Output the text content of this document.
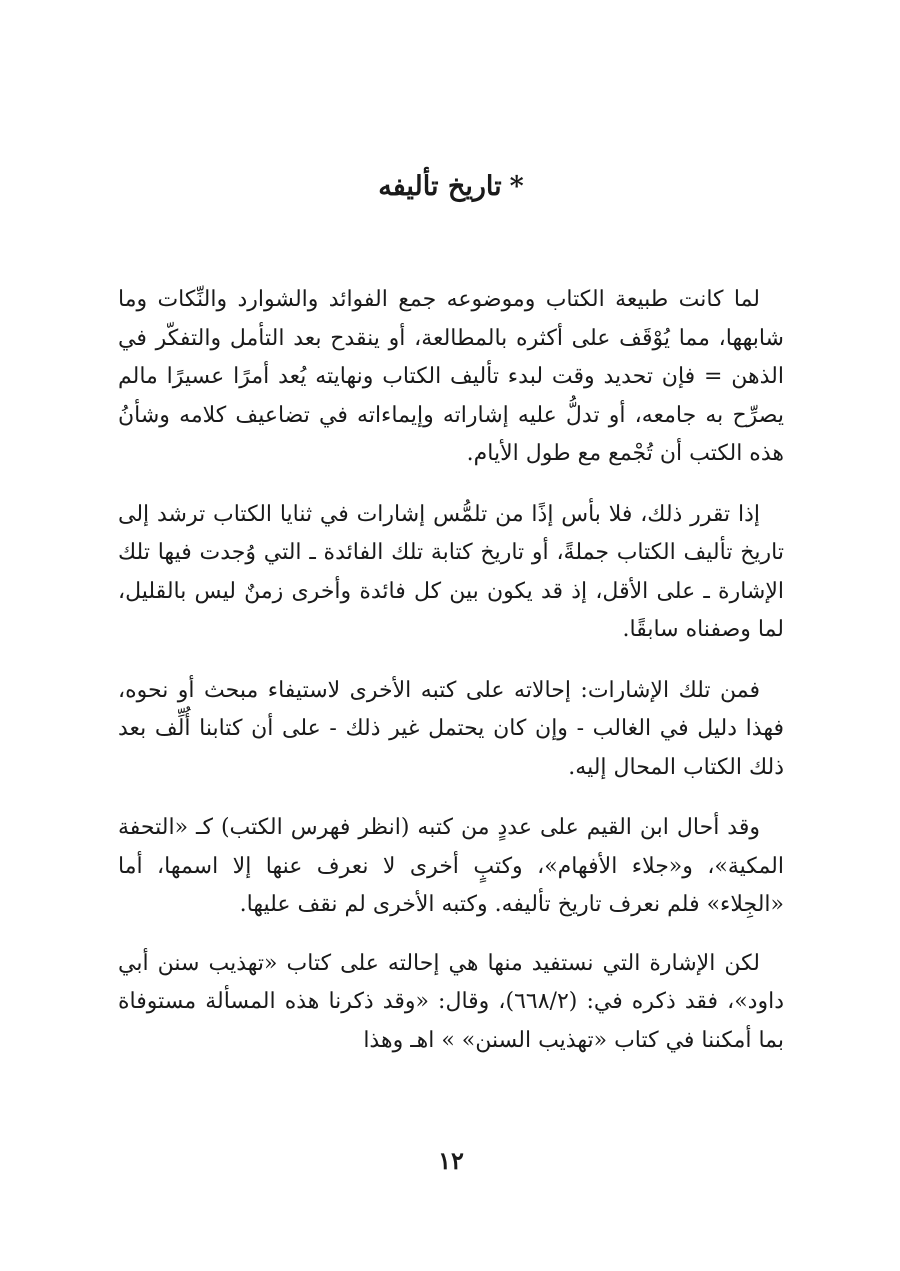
*تاريخ تأليفه

لما كانت طبيعة الكتاب وموضوعه جمع الفوائد والشوارد والنِّكات وما شابهها، مما يُوْقَف على أكثره بالمطالعة، أو ينقدح بعد التأمل والتفكّر في الذهن = فإن تحديد وقت لبدء تأليف الكتاب ونهايته يُعد أمرًا عسيرًا مالم يصرِّح به جامعه، أو تدلُّ عليه إشاراته وإيماءاته في تضاعيف كلامه وشأنُ هذه الكتب أن تُجْمع مع طول الأيام.

إذا تقرر ذلك، فلا بأس إذًا من تلمُّس إشارات في ثنايا الكتاب ترشد إلى تاريخ تأليف الكتاب جملةً، أو تاريخ كتابة تلك الفائدة ـ التي وُجدت فيها تلك الإشارة ـ على الأقل، إذ قد يكون بين كل فائدة وأخرى زمنٌ ليس بالقليل، لما وصفناه سابقًا.

فمن تلك الإشارات: إحالاته على كتبه الأخرى لاستيفاء مبحث أو نحوه، فهذا دليل في الغالب - وإن كان يحتمل غير ذلك - على أن كتابنا أُلِّف بعد ذلك الكتاب المحال إليه.

وقد أحال ابن القيم على عددٍ من كتبه (انظر فهرس الكتب) كـ «التحفة المكية»، و«جلاء الأفهام»، وكتبٍ أخرى لا نعرف عنها إلا اسمها، أما «الجِلاء» فلم نعرف تاريخ تأليفه. وكتبه الأخرى لم نقف عليها.

لكن الإشارة التي نستفيد منها هي إحالته على كتاب «تهذيب سنن أبي داود»، فقد ذكره في: (٦٦٨/٢)، وقال: «وقد ذكرنا هذه المسألة مستوفاة بما أمكننا في كتاب «تهذيب السنن» » اهـ وهذا

١٢
